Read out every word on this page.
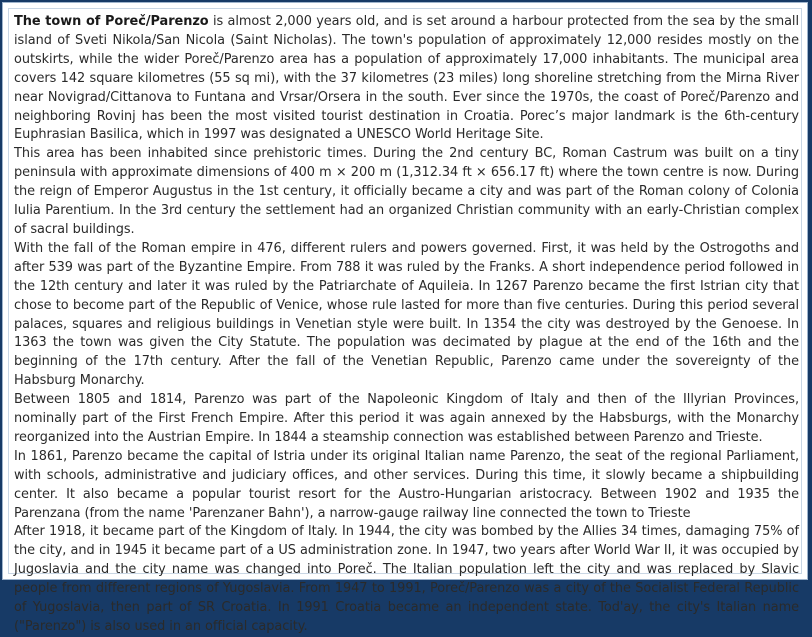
The town of Poreč/Parenzo is almost 2,000 years old, and is set around a harbour protected from the sea by the small island of Sveti Nikola/San Nicola (Saint Nicholas). The town's population of approximately 12,000 resides mostly on the outskirts, while the wider Poreč/Parenzo area has a population of approximately 17,000 inhabitants. The municipal area covers 142 square kilometres (55 sq mi), with the 37 kilometres (23 miles) long shoreline stretching from the Mirna River near Novigrad/Cittanova to Funtana and Vrsar/Orsera in the south. Ever since the 1970s, the coast of Poreč/Parenzo and neighboring Rovinj has been the most visited tourist destination in Croatia. Porec’s major landmark is the 6th-century Euphrasian Basilica, which in 1997 was designated a UNESCO World Heritage Site.

This area has been inhabited since prehistoric times. During the 2nd century BC, Roman Castrum was built on a tiny peninsula with approximate dimensions of 400 m × 200 m (1,312.34 ft × 656.17 ft) where the town centre is now. During the reign of Emperor Augustus in the 1st century, it officially became a city and was part of the Roman colony of Colonia Iulia Parentium. In the 3rd century the settlement had an organized Christian community with an early-Christian complex of sacral buildings.

With the fall of the Roman empire in 476, different rulers and powers governed. First, it was held by the Ostrogoths and after 539 was part of the Byzantine Empire. From 788 it was ruled by the Franks. A short independence period followed in the 12th century and later it was ruled by the Patriarchate of Aquileia. In 1267 Parenzo became the first Istrian city that chose to become part of the Republic of Venice, whose rule lasted for more than five centuries. During this period several palaces, squares and religious buildings in Venetian style were built. In 1354 the city was destroyed by the Genoese. In 1363 the town was given the City Statute. The population was decimated by plague at the end of the 16th and the beginning of the 17th century. After the fall of the Venetian Republic, Parenzo came under the sovereignty of the Habsburg Monarchy.

Between 1805 and 1814, Parenzo was part of the Napoleonic Kingdom of Italy and then of the Illyrian Provinces, nominally part of the First French Empire. After this period it was again annexed by the Habsburgs, with the Monarchy reorganized into the Austrian Empire. In 1844 a steamship connection was established between Parenzo and Trieste.

In 1861, Parenzo became the capital of Istria under its original Italian name Parenzo, the seat of the regional Parliament, with schools, administrative and judiciary offices, and other services. During this time, it slowly became a shipbuilding center. It also became a popular tourist resort for the Austro-Hungarian aristocracy. Between 1902 and 1935 the Parenzana (from the name 'Parenzaner Bahn'), a narrow-gauge railway line connected the town to Trieste

After 1918, it became part of the Kingdom of Italy. In 1944, the city was bombed by the Allies 34 times, damaging 75% of the city, and in 1945 it became part of a US administration zone. In 1947, two years after World War II, it was occupied by Jugoslavia and the city name was changed into Poreč. The Italian population left the city and was replaced by Slavic people from different regions of Yugoslavia. From 1947 to 1991, Poreč/Parenzo was a city of the Socialist Federal Republic of Yugoslavia, then part of SR Croatia. In 1991 Croatia became an independent state. Tod'ay, the city's Italian name ("Parenzo") is also used in an official capacity.
